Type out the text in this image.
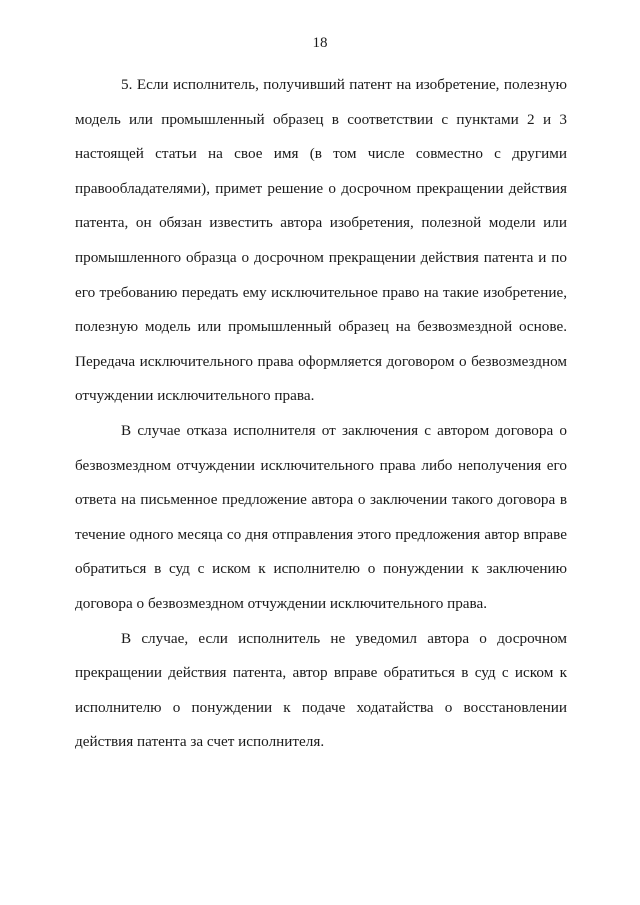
18

5. Если исполнитель, получивший патент на изобретение, полезную модель или промышленный образец в соответствии с пунктами 2 и 3 настоящей статьи на свое имя (в том числе совместно с другими правообладателями), примет решение о досрочном прекращении действия патента, он обязан известить автора изобретения, полезной модели или промышленного образца о досрочном прекращении действия патента и по его требованию передать ему исключительное право на такие изобретение, полезную модель или промышленный образец на безвозмездной основе. Передача исключительного права оформляется договором о безвозмездном отчуждении исключительного права.

В случае отказа исполнителя от заключения с автором договора о безвозмездном отчуждении исключительного права либо неполучения его ответа на письменное предложение автора о заключении такого договора в течение одного месяца со дня отправления этого предложения автор вправе обратиться в суд с иском к исполнителю о понуждении к заключению договора о безвозмездном отчуждении исключительного права.

В случае, если исполнитель не уведомил автора о досрочном прекращении действия патента, автор вправе обратиться в суд с иском к исполнителю о понуждении к подаче ходатайства о восстановлении действия патента за счет исполнителя.
